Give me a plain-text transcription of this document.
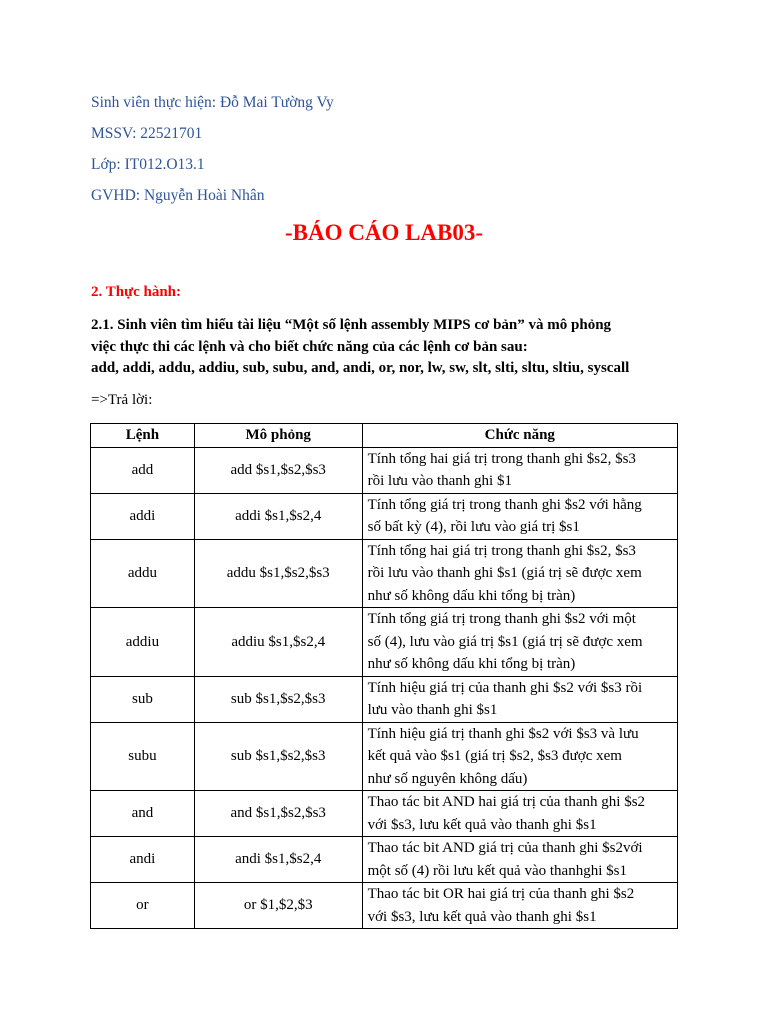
Sinh viên thực hiện: Đỗ Mai Tường Vy
MSSV: 22521701
Lớp: IT012.O13.1
GVHD: Nguyễn Hoài Nhân
-BÁO CÁO LAB03-
2. Thực hành:
2.1. Sinh viên tìm hiểu tài liệu “Một số lệnh assembly MIPS cơ bản” và mô phỏng
việc thực thi các lệnh và cho biết chức năng của các lệnh cơ bản sau:
add, addi, addu, addiu, sub, subu, and, andi, or, nor, lw, sw, slt, slti, sltu, sltiu, syscall
=>Trả lời:
Lệnh	Mô phỏng	Chức năng
add	add $s1,$s2,$s3	Tính tổng hai giá trị trong thanh ghi $s2, $s3
rồi lưu vào thanh ghi $1

addi	addi $s1,$s2,4	Tính tổng giá trị trong thanh ghi $s2 với hằng
số bất kỳ (4), rồi lưu vào giá trị $s1

addu	addu $s1,$s2,$s3	Tính tổng hai giá trị trong thanh ghi $s2, $s3
rồi lưu vào thanh ghi $s1 (giá trị sẽ được xem
như số không dấu khi tổng bị tràn)

addiu	addiu $s1,$s2,4	Tính tổng giá trị trong thanh ghi $s2 với một
số (4), lưu vào giá trị $s1 (giá trị sẽ được xem
như số không dấu khi tổng bị tràn)

sub	sub $s1,$s2,$s3	Tính hiệu giá trị của thanh ghi $s2 với $s3 rồi
lưu vào thanh ghi $s1

subu	sub $s1,$s2,$s3	Tính hiệu giá trị thanh ghi $s2 với $s3 và lưu
kết quả vào $s1 (giá trị $s2, $s3 được xem
như số nguyên không dấu)

and	and $s1,$s2,$s3	Thao tác bit AND hai giá trị của thanh ghi $s2
với $s3, lưu kết quả vào thanh ghi $s1

andi	andi $s1,$s2,4	Thao tác bit AND giá trị của thanh ghi $s2với
một số (4) rồi lưu kết quả vào thanhghi $s1

or	or $1,$2,$3	Thao tác bit OR hai giá trị của thanh ghi $s2
với $s3, lưu kết quả vào thanh ghi $s1
